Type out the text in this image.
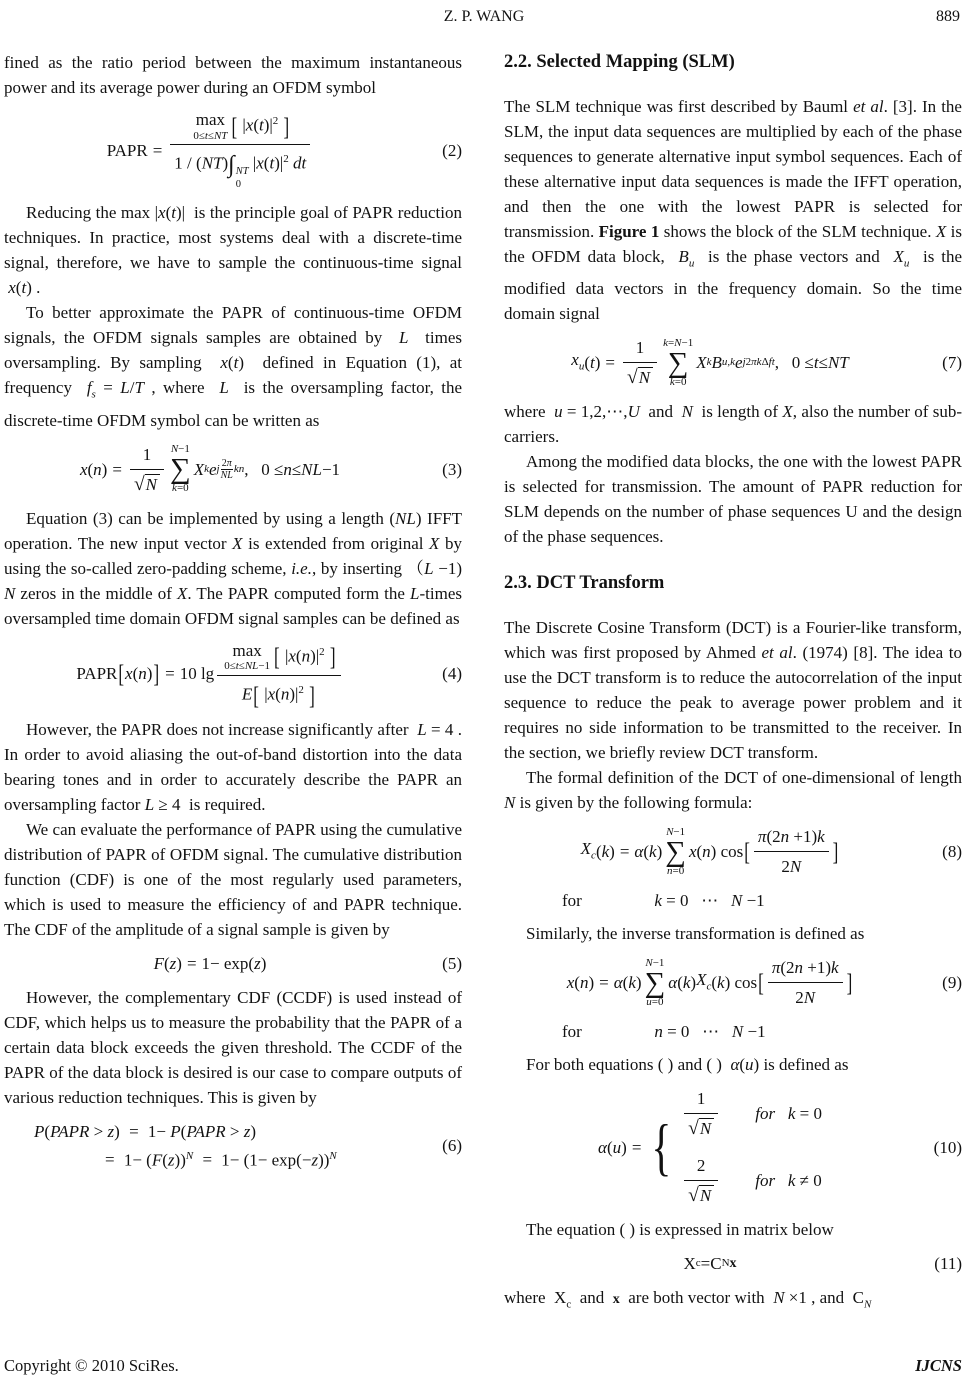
Z. P. WANG	889

fined as the ratio period between the maximum instantaneous power and its average power during an OFDM symbol

PAPR =
max
0≤t≤NT [ $|x(t)|^2$ ]
1 / (NT)∫ NT
0
$|x(t)|^2$ dt
(2)

Reducing the max |x(t)|  is the principle goal of PAPR reduction techniques. In practice, most systems deal with a discrete-time signal, therefore, we have to sample the continuous-time signal  x(t) .

To better approximate the PAPR of continuous-time OFDM signals, the OFDM signals samples are obtained by  L  times oversampling. By sampling  x(t)  defined in Equation (1), at frequency  $f_s = L/T$ , where  L  is the oversampling factor, the discrete-time OFDM symbol can be written as

x ( n ) = $\frac{1}{√N} N-1$
∑
k=0
X k e j $\frac{2\pi}{NL}$ kn ,   0 ≤ n ≤ NL −1	(3)

Equation (3) can be implemented by using a length (NL) IFFT operation. The new input vector X is extended from original X by using the so-called zero-padding scheme, i.e., by inserting （L −1) N zeros in the middle of X. The PAPR computed form the L-times oversampled time domain OFDM signal samples can be defined as

PAPR [ x ( n ) ] = 10 lg
max
0≤t≤NL−1 [ $|x(n)|^2$ ]
E[ $|x(n)|^2$ ]
(4)

However, the PAPR does not increase significantly after  L = 4 . In order to avoid aliasing the out-of-band distortion into the data bearing tones and in order to accurately describe the PAPR an oversampling factor L ≥ 4  is required.

We can evaluate the performance of PAPR using the cumulative distribution of PAPR of OFDM signal. The cumulative distribution function (CDF) is one of the most regularly used parameters, which is used to measure the efficiency of and PAPR technique. The CDF of the amplitude of a signal sample is given by

F ( z ) = 1− exp( z )	(5)

However, the complementary CDF (CCDF) is used instead of CDF, which helps us to measure the probability that the PAPR of a certain data block exceeds the given threshold. The CCDF of the PAPR of the data block is desired is our case to compare outputs of various reduction techniques. This is given by

P(PAPR > z) = 1− P(PAPR > z)
= $1- (F(z))^N = 1- (1- \exp(-z))^N$
(6)
2.2. Selected Mapping (SLM)

The SLM technique was first described by Bauml et al. [3]. In the SLM, the input data sequences are multiplied by each of the phase sequences to generate alternative input symbol sequences. Each of these alternative input data sequences is made the IFFT operation, and then the one with the lowest PAPR is selected for transmission. Figure 1 shows the block of the SLM technique. X is the OFDM data block,  $B_u$  is the phase vectors and  $X_u$  is the modified data vectors in the frequency domain. So the time domain signal

$x_u$ ( t ) = $\frac{1}{√N} k=N-1$
∑
k=0
X k B u,k e j2πkΔft ,   0 ≤ t ≤ NT	(7)

where  u = 1,2,⋯,U  and  N  is length of X, also the number of sub-carriers.

Among the modified data blocks, the one with the lowest PAPR is selected for transmission. The amount of PAPR reduction for SLM depends on the number of phase sequences U and the design of the phase sequences.

2.3. DCT Transform

The Discrete Cosine Transform (DCT) is a Fourier-like transform, which was first proposed by Ahmed et al. (1974) [8]. The idea to use the DCT transform is to reduce the autocorrelation of the input sequence to reduce the peak to average power problem and it requires no side information to be transmitted to the receiver. In the section, we briefly review DCT transform.

The formal definition of the DCT of one-dimensional of length N is given by the following formula:

$X_c$ ( k ) = α ( k )
N−1
∑
n=0
x ( n ) cos [
π(2n +1)k
2N
]	(8)
for	k = 0   ⋯   N −1

Similarly, the inverse transformation is defined as

x ( n ) = α ( k )
N−1
∑
u=0
α ( k ) $X_c$ ( k ) cos [
π(2n +1)k
2N
]	(9)
for	n = 0   ⋯   N −1

For both equations ( ) and ( )  α(u) is defined as

α ( u ) = {
1
√N
for k = 0
2
√N
for k ≠ 0
(10)

The equation ( ) is expressed in matrix below

X c =C N x	(11)

where  $X_c$  and  x  are both vector with  N ×1 , and  $C_N$

Copyright © 2010 SciRes.	IJCNS
